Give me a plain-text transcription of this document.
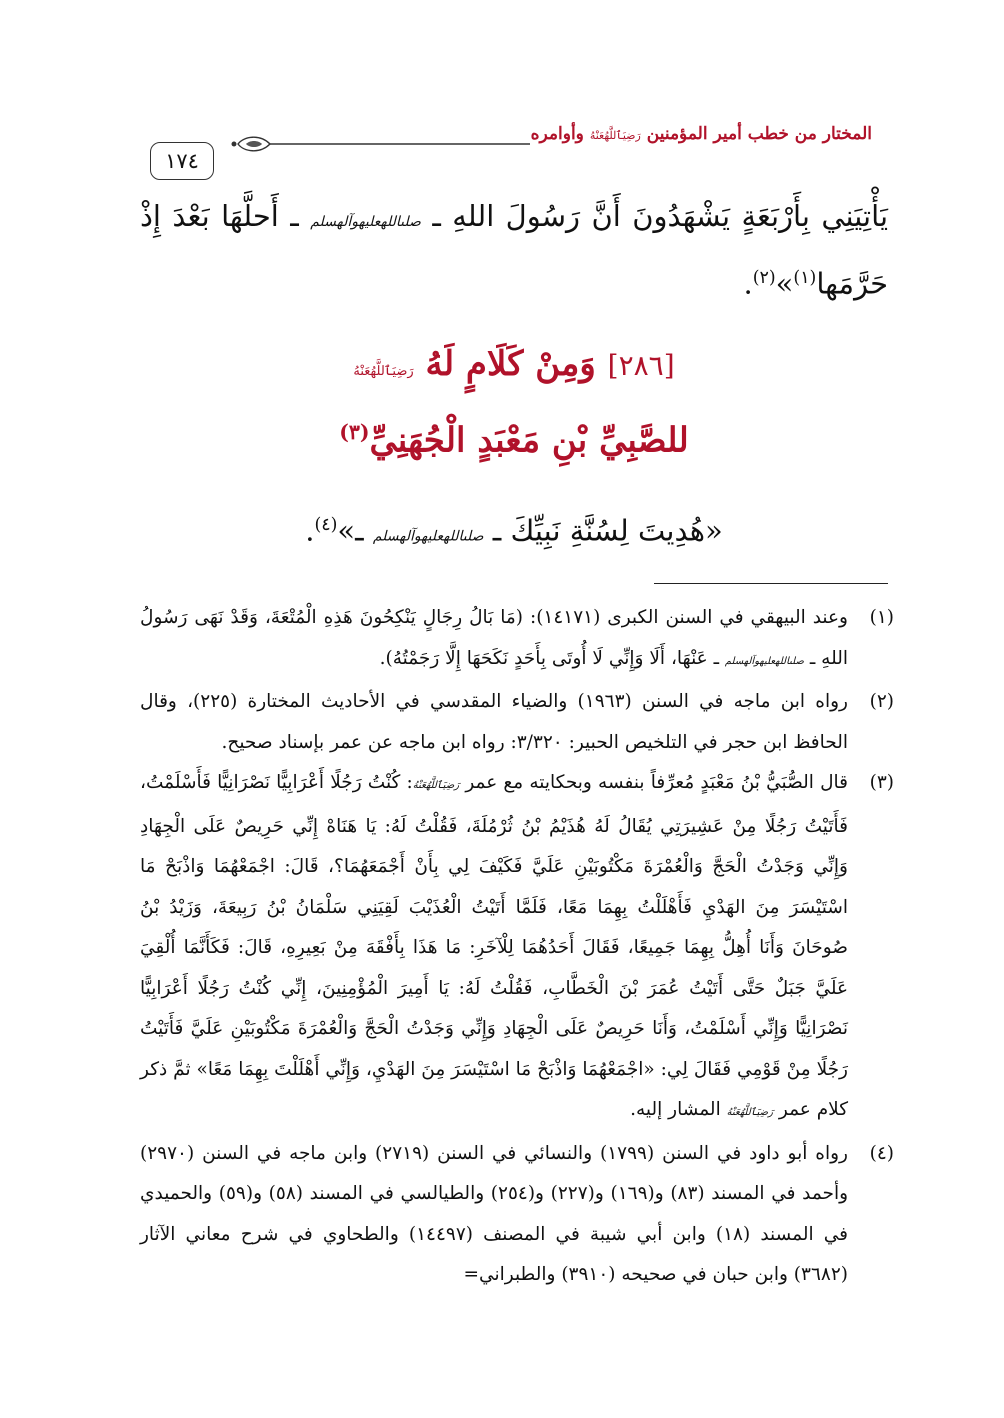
١٧٤
المختار من خطب أمير المؤمنين رَضِيَٱللَّهُعَنْهُ وأوامره
يَأْتِيَنِي بِأَرْبَعَةٍ يَشْهَدُونَ أَنَّ رَسُولَ اللهِ ـ صلىاللهعليهوآلهسلم ـ أَحلَّهَا بَعْدَ إِذْ حَرَّمَها$^{(١)}$»$^{(٢)}$.
[٢٨٦] وَمِنْ كَلَامٍ لَهُ رَضِيَٱللَّهُعَنْهُ
للصَّبِيِّ بْنِ مَعْبَدٍ الْجُهَنِيِّ$^{(٣)}$
«هُدِيتَ لِسُنَّةِ نَبِيِّكَ ـ صلىاللهعليهوآلهسلم ـ»$^{(٤)}$.
(١)
وعند البيهقي في السنن الكبرى (١٤١٧١): (مَا بَالُ رِجَالٍ يَنْكِحُونَ هَذِهِ الْمُتْعَةَ، وَقَدْ نَهَى رَسُولُ اللهِ ـ صلىاللهعليهوآلهسلم ـ عَنْهَا، أَلَا وَإِنِّي لَا أُوتَى بِأَحَدٍ نَكَحَهَا إِلَّا رَجَمْتُهُ).
(٢)
رواه ابن ماجه في السنن (١٩٦٣) والضياء المقدسي في الأحاديث المختارة (٢٢٥)، وقال الحافظ ابن حجر في التلخيص الحبير: ٣/٣٢٠: رواه ابن ماجه عن عمر بإسناد صحيح.
(٣)
قال الصُّبَيُّ بْنُ مَعْبَدٍ مُعرِّفاً بنفسه وبحكايته مع عمر رَضِيَٱللَّهُعَنْهُ: كُنْتُ رَجُلًا أَعْرَابِيًّا نَصْرَانِيًّا فَأَسْلَمْتُ، فَأَتَيْتُ رَجُلًا مِنْ عَشِيرَتِي يُقَالُ لَهُ هُذَيْمُ بْنُ ثُرْمُلَةَ، فَقُلْتُ لَهُ: يَا هَنَاهْ إِنِّي حَرِيصٌ عَلَى الْجِهَادِ وَإِنِّي وَجَدْتُ الْحَجَّ وَالْعُمْرَةَ مَكْتُوبَيْنِ عَلَيَّ فَكَيْفَ لِي بِأَنْ أَجْمَعَهُمَا؟، قَالَ: اجْمَعْهُمَا وَاذْبَحْ مَا اسْتَيْسَرَ مِنَ الهَدْيِ فَأَهْلَلْتُ بِهِمَا مَعًا، فَلَمَّا أَتَيْتُ الْعُذَيْبَ لَقِيَنِي سَلْمَانُ بْنُ رَبِيعَةَ، وَزَيْدُ بْنُ صُوحَانَ وَأَنَا أُهِلُّ بِهِمَا جَمِيعًا، فَقَالَ أَحَدُهُمَا لِلْآخَرِ: مَا هَذَا بِأَفْقَهَ مِنْ بَعِيرِهِ، قَالَ: فَكَأَنَّمَا أُلْقِيَ عَلَيَّ جَبَلٌ حَتَّى أَتَيْتُ عُمَرَ بْنَ الْخَطَّابِ، فَقُلْتُ لَهُ: يَا أَمِيرَ الْمُؤْمِنِينَ، إِنِّي كُنْتُ رَجُلًا أَعْرَابِيًّا نَصْرَانِيًّا وَإِنِّي أَسْلَمْتُ، وَأَنَا حَرِيصٌ عَلَى الْجِهَادِ وَإِنِّي وَجَدْتُ الْحَجَّ وَالْعُمْرَةَ مَكْتُوبَيْنِ عَلَيَّ فَأَتَيْتُ رَجُلًا مِنْ قَوْمِي فَقَالَ لِي: «اجْمَعْهُمَا وَاذْبَحْ مَا اسْتَيْسَرَ مِنَ الهَدْيِ، وَإِنِّي أَهْلَلْتَ بِهِمَا مَعًا» ثمَّ ذكر كلام عمر رَضِيَٱللَّهُعَنْهُ المشار إليه.
(٤)
رواه أبو داود في السنن (١٧٩٩) والنسائي في السنن (٢٧١٩) وابن ماجه في السنن (٢٩٧٠) وأحمد في المسند (٨٣) و(١٦٩) و(٢٢٧) و(٢٥٤) والطيالسي في المسند (٥٨) و(٥٩) والحميدي في المسند (١٨) وابن أبي شيبة في المصنف (١٤٤٩٧) والطحاوي في شرح معاني الآثار (٣٦٨٢) وابن حبان في صحيحه (٣٩١٠) والطبراني=
